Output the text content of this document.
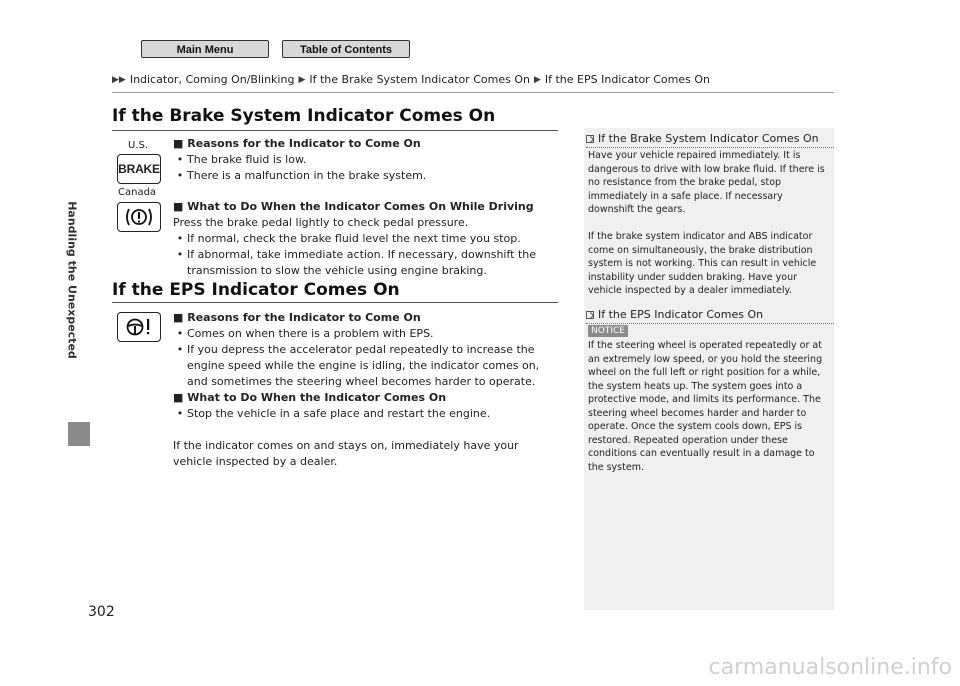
Main Menu	Table of Contents
▶▶ Indicator, Coming On/Blinking ▶ If the Brake System Indicator Comes On ▶ If the EPS Indicator Comes On
Handling the Unexpected
If the Brake System Indicator Comes On
U.S.
BRAKE
Canada
■ Reasons for the Indicator to Come On
• The brake fluid is low.
• There is a malfunction in the brake system.
■ What to Do When the Indicator Comes On While Driving
Press the brake pedal lightly to check pedal pressure.
• If normal, check the brake fluid level the next time you stop.
• If abnormal, take immediate action. If necessary, downshift the transmission to slow the vehicle using engine braking.
If the EPS Indicator Comes On
■ Reasons for the Indicator to Come On
• Comes on when there is a problem with EPS.
• If you depress the accelerator pedal repeatedly to increase the engine speed while the engine is idling, the indicator comes on, and sometimes the steering wheel becomes harder to operate.
■ What to Do When the Indicator Comes On
• Stop the vehicle in a safe place and restart the engine.
If the indicator comes on and stays on, immediately have your vehicle inspected by a dealer.
If the Brake System Indicator Comes On
Have your vehicle repaired immediately. It is dangerous to drive with low brake fluid. If there is no resistance from the brake pedal, stop immediately in a safe place. If necessary downshift the gears.
If the brake system indicator and ABS indicator come on simultaneously, the brake distribution system is not working. This can result in vehicle instability under sudden braking. Have your vehicle inspected by a dealer immediately.
If the EPS Indicator Comes On
NOTICE
If the steering wheel is operated repeatedly or at an extremely low speed, or you hold the steering wheel on the full left or right position for a while, the system heats up. The system goes into a protective mode, and limits its performance. The steering wheel becomes harder and harder to operate. Once the system cools down, EPS is restored. Repeated operation under these conditions can eventually result in a damage to the system.
302
carmanualsonline.info
